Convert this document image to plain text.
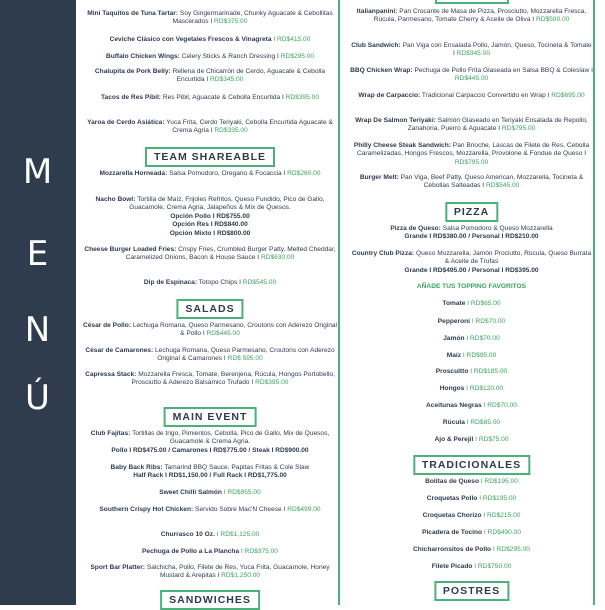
M
E
N
Ú
Mini Taquitos de Tuna Tartar: Soy Gingermarinade, Chunky Aguacate & Cebollitas Mascerados I RD$375.00
Ceviche Clásico con Vegetales Frescos & Vinagreta I RD$415.00
Buffalo Chicken Wings: Celery Sticks & Ranch Dressing I RD$295.00
Chalupita de Pork Belly: Rellena de Chicarrón de Cerdo, Aguacate & Cebolla Encurtida I RD$345.00
Tacos de Res Pibil: Res Pibil, Aguacate & Cebolla Encurtida I RD$395.00
Yaroa de Cerdo Asiática: Yuca Frita, Cerdo Teriyaki, Cebolla Encurtida Aguacate & Crema Agria I RD$335.00
TEAM SHAREABLE
Mozzarella Horneada: Salsa Pomodoro, Oregano & Focaccia I RD$260.00
Nacho Bowl: Tortilla de Maíz, Frijoles Refritos, Queso Fundido, Pico de Gallo, Guacamole, Crema Agria, Jalapeños & Mix de Quesos.
Opción Pollo I RD$755.00
Opción Res I RD$840.00
Opción Mixto I RD$800.00
Cheese Burger Loaded Fries: Crispy Fries, Crumbled Burger Patty, Melted Cheddar, Caramelized Onions, Bacon & House Sauce I RD$630.00
Dip de Espinaca: Totopo Chips I RD$545.00
SALADS
César de Pollo: Lechuga Romana, Queso Parmesano, Croutons con Aderezo Original & Pollo I RD$445.00
César de Camarones: Lechuga Romana, Queso Parmesano, Croutons con Aderezo Original & Camarones I RD$ 595.00
Capressa Stack: Mozzarella Fresca, Tomate, Berenjena, Rúcula, Hongos Portobello, Prosciutto & Aderezo Balsámico Trufado I RD$395.00
MAIN EVENT
Club Fajitas: Tortillas de trigo, Pimientos, Cebolla, Pico de Gallo, Mix de Quesos, Guacamole & Crema Agria.
Pollo I RD$475.00 / Camarones I RD$775.00 / Steak I RD$900.00
Baby Back Ribs: Tamarind BBQ Sauce, Papitas Fritas & Cole Slaw
Half Rack I RD$1,150.00 / Full Rack I RD$1,775.00
Sweet Chilli Salmón I RD$955.00
Southern Crispy Hot Chicken: Servido Sobre Mac'N Cheese I RD$499.00
Churrasco 10 Oz. I RD$1,125.00
Pechuga de Pollo a La Plancha I RD$375.00
Sport Bar Platter: Salchicha, Pollo, Filete de Res, Yuca Frita, Guacamole, Honey Mustard & Arepitas I RD$1,250.00
SANDWICHES
Italianpanini: Pan Crocante de Masa de Pizza, Prosciutto, Mozzarella Fresca, Rúcula, Parmesano, Tomate Cherry & Aceite de Oliva I RD$500.00
Club Sandwich: Pan Viga con Ensalada Pollo, Jamón, Queso, Tocineta & Tomate I RD$345.00
BBQ Chicken Wrap: Pechuga de Pollo Frita Glaseada en Salsa BBQ & Coleslaw I RD$445.00
Wrap de Carpaccio: Tradicional Carpaccio Convertido en Wrap I RD$695.00
Wrap De Salmon Teriyaki: Salmón Glaseado en Teriyaki Ensalada de Repollo, Zanahoria, Puerro & Aguacate I RD$795.00
Philly Cheese Steak Sandwich: Pan Brioche, Lascas de Filete de Res, Cebolla Caramelizadas, Hongos Frescos, Mozzarella, Provolone & Fondue de Queso I RD$795.00
Burger Melt: Pan Viga, Beef Patty, Queso American, Mozzarella, Tocineta & Cebollas Salteadas I RD$545.00
PIZZA
Pizza de Queso: Salsa Pomodoro & Queso Mozzarella
Grande I RD$380.00 / Personal I RD$210.00
Country Club Pizza: Queso Mozzarella, Jamón Prociutto, Rúcula, Queso Burrata & Aceite de Trufas
Grande I RD$495.00 / Personal I RD$395.00
AÑADE TUS TOPPING FAVORITOS
Tomate I RD$65.00
Pepperoni I RD$70.00
Jamón I RD$70.00
Maíz I RD$95.00
Proscuitto I RD$185.00
Hongos I RD$120.00
Aceitunas Negras I RD$70.00
Rúcula I RD$85.00
Ajo & Perejil I RD$75.00
TRADICIONALES
Bolitas de Queso I RD$195.00
Croquetas Pollo I RD$195.00
Croquetas Chorizo I RD$215.00
Picadera de Tocino I RD$490.00
Chicharronsitos de Pollo I RD$295.00
Filete Picado I RD$750.00
POSTRES
